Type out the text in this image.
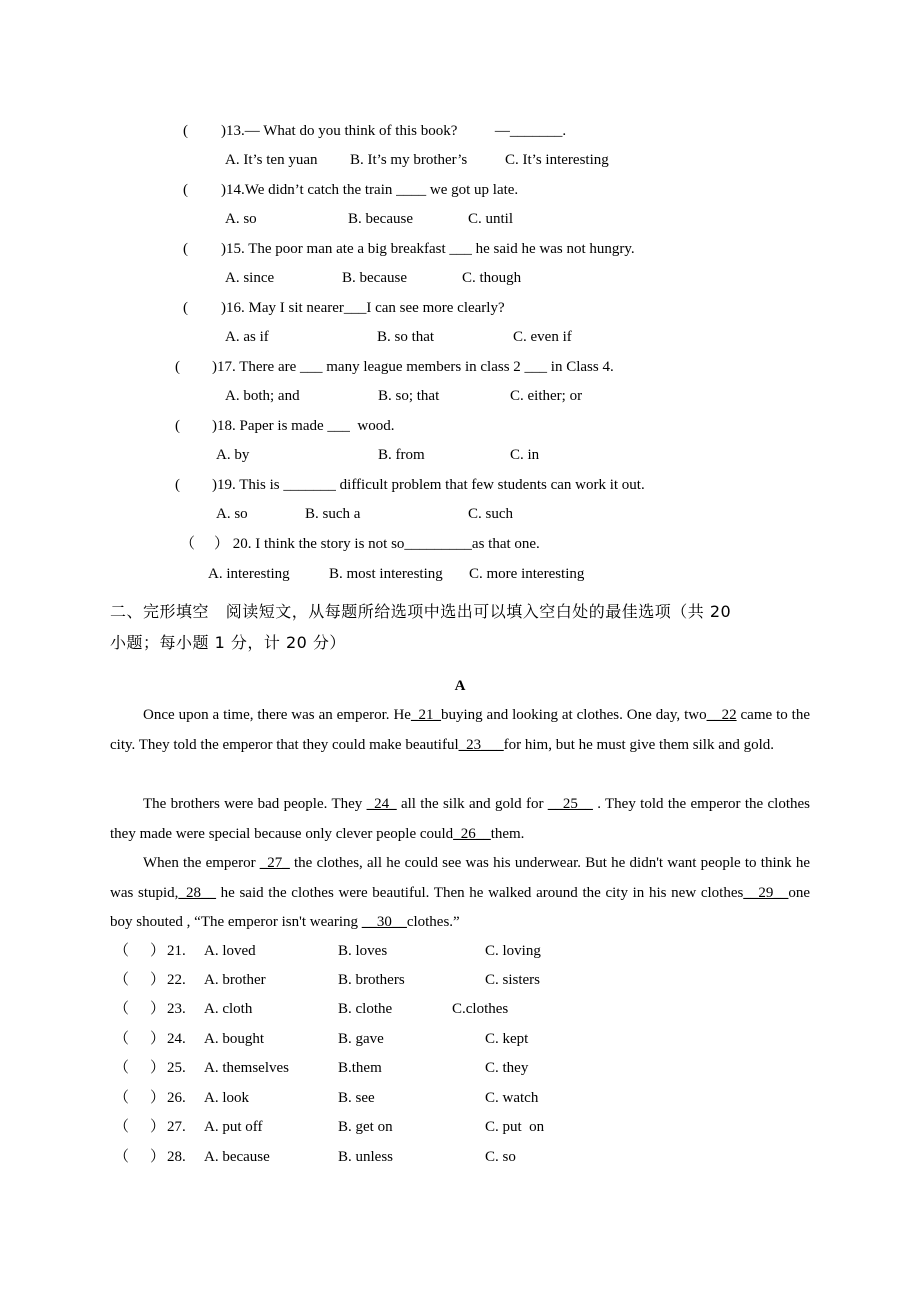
( )13.— What do you think of this book?          —_______.
A. It’s ten yuan B. It’s my brother’s	C. It’s interesting
( )14.We didn’t catch the train ____ we got up late.
A. so	B. because	C. until
( )15. The poor man ate a big breakfast ___ he said he was not hungry.
A. since	B. because	C. though
( )16. May I sit nearer___I can see more clearly?
A. as if	B. so that	C. even if
( )17. There are ___ many league members in class 2 ___ in Class 4.
A. both; and	B. so; that	C. either; or
( )18. Paper is made ___  wood.
A. by	B. from	C. in
( )19. This is _______ difficult problem that few students can work it out.
A. so	B. such a	C. such
（ ） 20. I think the story is not so_________as that one.
A. interesting	B. most interesting C. more interesting
二、完形填空   阅读短文，从每题所给选项中选出可以填入空白处的最佳选项（共 20
小题；每小题 1 分，计 20 分）
A
Once upon a time, there was an emperor. He_21_buying and looking at clothes. One day, two__22 came to the city. They told the emperor that they could make beautiful_23___for him, but he must give them silk and gold.
The brothers were bad people. They _24_ all the silk and gold for __25__ . They told the emperor the clothes they made were special because only clever people could_26__them.
When the emperor _27_ the clothes, all he could see was his underwear. But he didn't want people to think he was stupid,_28__ he said the clothes were beautiful. Then he walked around the city in his new clothes__29__one boy shouted , “The emperor isn't wearing __30__clothes.”
（ ） 21. A. loved	B. loves	C. loving
（ ） 22. A. brother	B. brothers	C. sisters
（ ） 23. A. cloth	B. clothe	C.clothes
（ ） 24. A. bought	B. gave	C. kept
（ ） 25. A. themselves	B.them	C. they
（ ） 26. A. look	B. see	C. watch
（ ） 27. A. put off	B. get on	C. put  on
（ ） 28. A. because	B. unless	C. so
